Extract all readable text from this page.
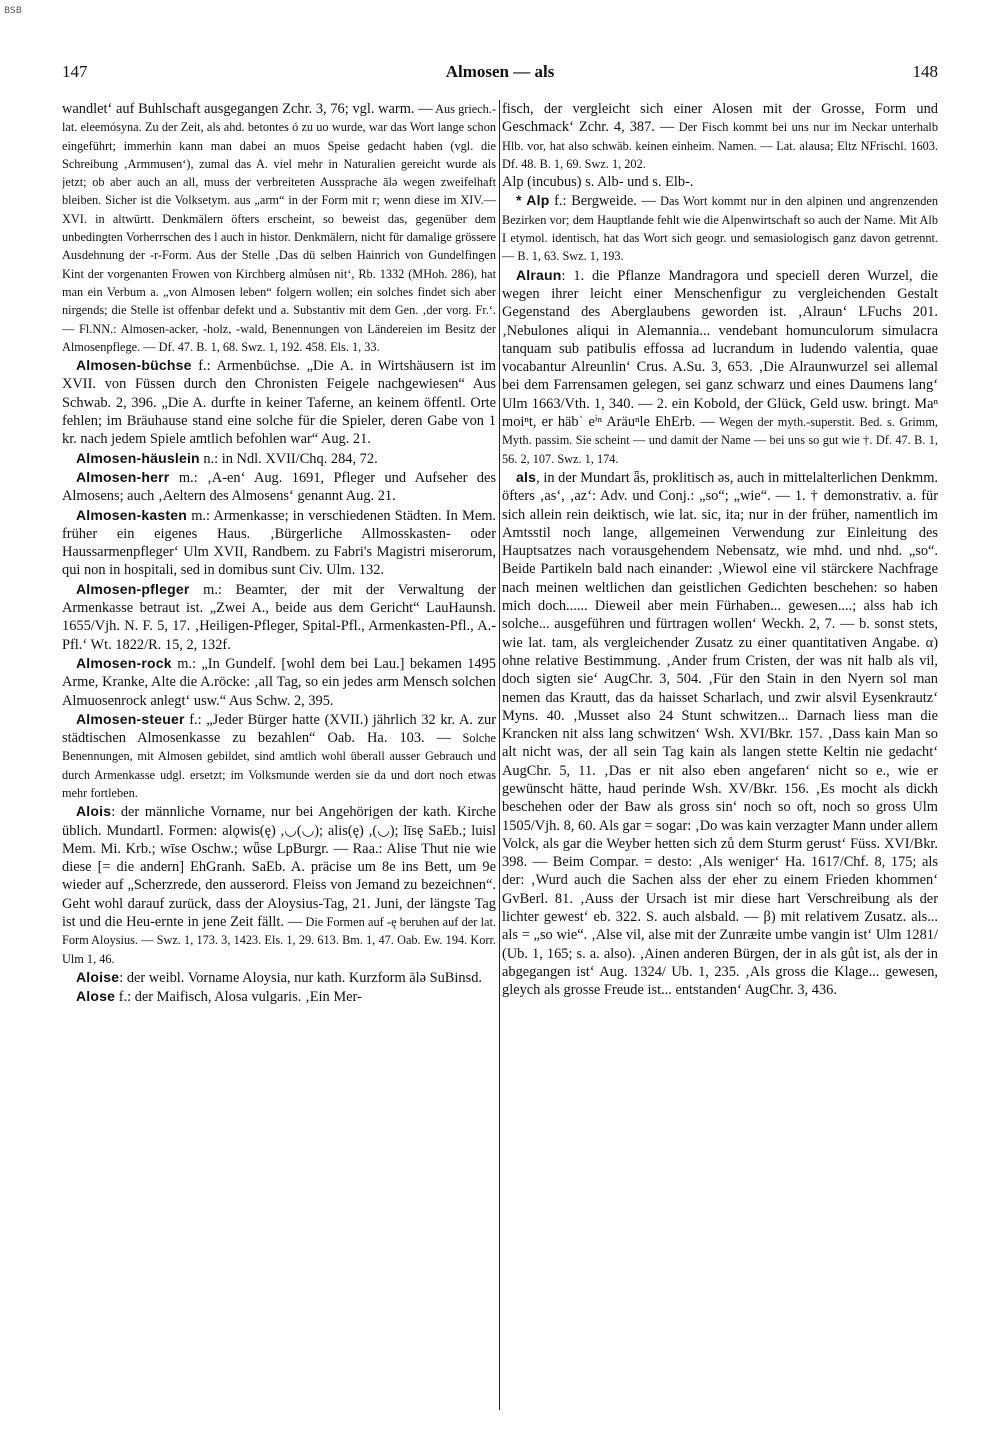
BSB
147	Almosen — als	148

wandlet‘ auf Buhlschaft ausgegangen Zchr. 3, 76; vgl. warm. — Aus griech.-lat. eleemósyna. Zu der Zeit, als ahd. betontes ó zu uo wurde, war das Wort lange schon eingeführt; immerhin kann man dabei an muos Speise gedacht haben (vgl. die Schreibung ‚Armmusen‘), zumal das A. viel mehr in Naturalien gereicht wurde als jetzt; ob aber auch an all, muss der verbreiteten Aussprache ālə wegen zweifelhaft bleiben. Sicher ist die Volksetym. aus „arm“ in der Form mit r; wenn diese im XIV.—XVI. in altwürtt. Denkmälern öfters erscheint, so beweist das, gegenüber dem unbedingten Vorherrschen des l auch in histor. Denkmälern, nicht für damalige grössere Ausdehnung der -r-Form. Aus der Stelle ‚Das dü selben Hainrich von Gundelfingen Kint der vorgenanten Frowen von Kirchberg almůsen nit‘, Rb. 1332 (MHoh. 286), hat man ein Verbum a. „von Almosen leben“ folgern wollen; ein solches findet sich aber nirgends; die Stelle ist offenbar defekt und a. Substantiv mit dem Gen. ‚der vorg. Fr.‘. — Fl.NN.: Almosen-acker, -holz, -wald, Benennungen von Ländereien im Besitz der Almosenpflege. — Df. 47. B. 1, 68. Swz. 1, 192. 458. Els. 1, 33.

Almosen-büchse f.: Armenbüchse. „Die A. in Wirtshäusern ist im XVII. von Füssen durch den Chronisten Feigele nachgewiesen“ Aus Schwab. 2, 396. „Die A. durfte in keiner Taferne, an keinem öffentl. Orte fehlen; im Bräuhause stand eine solche für die Spieler, deren Gabe von 1 kr. nach jedem Spiele amtlich befohlen war“ Aug. 21.

Almosen-häuslein n.: in Ndl. XVII/Chq. 284, 72.

Almosen-herr m.: ‚A-en‘ Aug. 1691, Pfleger und Aufseher des Almosens; auch ‚Aeltern des Almosens‘ genannt Aug. 21.

Almosen-kasten m.: Armenkasse; in verschiedenen Städten. In Mem. früher ein eigenes Haus. ‚Bürgerliche Allmosskasten- oder Haussarmenpfleger‘ Ulm XVII, Randbem. zu Fabri's Magistri miserorum, qui non in hospitali, sed in domibus sunt Civ. Ulm. 132.

Almosen-pfleger m.: Beamter, der mit der Verwaltung der Armenkasse betraut ist. „Zwei A., beide aus dem Gericht“ LauHaunsh. 1655/Vjh. N. F. 5, 17. ‚Heiligen-Pfleger, Spital-Pfl., Armenkasten-Pfl., A.-Pfl.‘ Wt. 1822/R. 15, 2, 132f.

Almosen-rock m.: „In Gundelf. [wohl dem bei Lau.] bekamen 1495 Arme, Kranke, Alte die A.röcke: ‚all Tag, so ein jedes arm Mensch solchen Almuosenrock anlegt‘ usw.“ Aus Schw. 2, 395.

Almosen-steuer f.: „Jeder Bürger hatte (XVII.) jährlich 32 kr. A. zur städtischen Almosenkasse zu bezahlen“ Oab. Ha. 103. — Solche Benennungen, mit Almosen gebildet, sind amtlich wohl überall ausser Gebrauch und durch Armenkasse udgl. ersetzt; im Volksmunde werden sie da und dort noch etwas mehr fortleben.

Alois: der männliche Vorname, nur bei Angehörigen der kath. Kirche üblich. Mundartl. Formen: alǫwis(ę) ,◡(◡); alis(ę) ,(◡); līsę SaEb.; luisl Mem. Mi. Krb.; wīse Oschw.; wǖse LpBurgr. — Raa.: Alise Thut nie wie diese [= die andern] EhGranh. SaEb. A. präcise um 8e ins Bett, um 9e wieder auf „Scherzrede, den ausserord. Fleiss von Jemand zu bezeichnen“. Geht wohl darauf zurück, dass der Aloysius-Tag, 21. Juni, der längste Tag ist und die Heu-ernte in jene Zeit fällt. — Die Formen auf -ę beruhen auf der lat. Form Aloysius. — Swz. 1, 173. 3, 1423. Els. 1, 29. 613. Bm. 1, 47. Oab. Ew. 194. Korr. Ulm 1, 46.

Aloise: der weibl. Vorname Aloysia, nur kath. Kurzform ālə SuBinsd.

Alose f.: der Maifisch, Alosa vulgaris. ‚Ein Mer-

fisch, der vergleicht sich einer Alosen mit der Grosse, Form und Geschmack‘ Zchr. 4, 387. — Der Fisch kommt bei uns nur im Neckar unterhalb Hlb. vor, hat also schwäb. keinen einheim. Namen. — Lat. alausa; Eltz NFrischl. 1603. Df. 48. B. 1, 69. Swz. 1, 202.

Alp (incubus) s. Alb- und s. Elb-.

* Alp f.: Bergweide. — Das Wort kommt nur in den alpinen und angrenzenden Bezirken vor; dem Hauptlande fehlt wie die Alpenwirtschaft so auch der Name. Mit Alb I etymol. identisch, hat das Wort sich geogr. und semasiologisch ganz davon getrennt. — B. 1, 63. Swz. 1, 193.

Alraun: 1. die Pflanze Mandragora und speciell deren Wurzel, die wegen ihrer leicht einer Menschenfigur zu vergleichenden Gestalt Gegenstand des Aberglaubens geworden ist. ‚Alraun‘ LFuchs 201. ‚Nebulones aliqui in Alemannia... vendebant homunculorum simulacra tanquam sub patibulis effossa ad lucrandum in ludendo valentia, quae vocabantur Alreunlin‘ Crus. A.Su. 3, 653. ‚Die Alraunwurzel sei allemal bei dem Farrensamen gelegen, sei ganz schwarz und eines Daumens lang‘ Ulm 1663/Vth. 1, 340. — 2. ein Kobold, der Glück, Geld usw. bringt. Maⁿ moiⁿt, er häbˈ eⁱⁿ Aräuⁿle EhErb. — Wegen der myth.-superstit. Bed. s. Grimm, Myth. passim. Sie scheint — und damit der Name — bei uns so gut wie †. Df. 47. B. 1, 56. 2, 107. Swz. 1, 174.

als, in der Mundart ǟs, proklitisch əs, auch in mittelalterlichen Denkmm. öfters ‚as‘, ‚az‘: Adv. und Conj.: „so“; „wie“. — 1. † demonstrativ. a. für sich allein rein deiktisch, wie lat. sic, ita; nur in der früher, namentlich im Amtsstil noch lange, allgemeinen Verwendung zur Einleitung des Hauptsatzes nach vorausgehendem Nebensatz, wie mhd. und nhd. „so“. Beide Partikeln bald nach einander: ‚Wiewol eine vil stärckere Nachfrage nach meinen weltlichen dan geistlichen Gedichten beschehen: so haben mich doch...... Dieweil aber mein Fürhaben... gewesen....; alss hab ich solche... ausgeführen und fürtragen wollen‘ Weckh. 2, 7. — b. sonst stets, wie lat. tam, als vergleichender Zusatz zu einer quantitativen Angabe. α) ohne relative Bestimmung. ‚Ander frum Cristen, der was nit halb als vil, doch sigten sie‘ AugChr. 3, 504. ‚Für den Stain in den Nyern sol man nemen das Krautt, das da haisset Scharlach, und zwir alsvil Eysenkrautz‘ Myns. 40. ‚Musset also 24 Stunt schwitzen... Darnach liess man die Krancken nit alss lang schwitzen‘ Wsh. XVI/Bkr. 157. ‚Dass kain Man so alt nicht was, der all sein Tag kain als langen stette Keltin nie gedacht‘ AugChr. 5, 11. ‚Das er nit also eben angefaren‘ nicht so e., wie er gewünscht hätte, haud perinde Wsh. XV/Bkr. 156. ‚Es mocht als dickh beschehen oder der Baw als gross sin‘ noch so oft, noch so gross Ulm 1505/Vjh. 8, 60. Als gar = sogar: ‚Do was kain verzagter Mann under allem Volck, als gar die Weyber hetten sich zů dem Sturm gerust‘ Füss. XVI/Bkr. 398. — Beim Compar. = desto: ‚Als weniger‘ Ha. 1617/Chf. 8, 175; als der: ‚Wurd auch die Sachen alss der eher zu einem Frieden khommen‘ GvBerl. 81. ‚Auss der Ursach ist mir diese hart Verschreibung als der lichter gewest‘ eb. 322. S. auch alsbald. — β) mit relativem Zusatz. als... als = „so wie“. ‚Alse vil, alse mit der Zunræite umbe vangin ist‘ Ulm 1281/ (Ub. 1, 165; s. a. also). ‚Ainen anderen Bürgen, der in als gůt ist, als der in abgegangen ist‘ Aug. 1324/ Ub. 1, 235. ‚Als gross die Klage... gewesen, gleych als grosse Freude ist... entstanden‘ AugChr. 3, 436.
